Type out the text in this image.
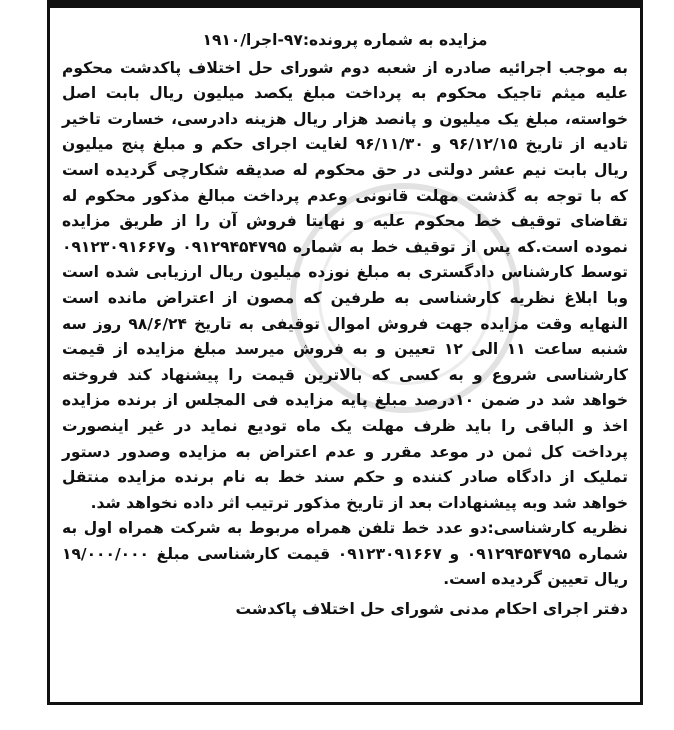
مزایده به شماره پرونده:۹۷-اجرا/۱۹۱۰

به موجب اجرائیه صادره از شعبه دوم شورای حل اختلاف پاکدشت محکوم علیه میثم تاجیک محکوم به پرداخت مبلغ یکصد میلیون ریال بابت اصل خواسته، مبلغ یک میلیون و پانصد هزار ریال هزینه دادرسی، خسارت تاخیر تادیه از تاریخ ۹۶/۱۲/۱۵ و ۹۶/۱۱/۳۰ لغایت اجرای حکم و مبلغ پنج میلیون ریال بابت نیم عشر دولتی در حق محکوم له صدیقه شکارچی گردیده است که با توجه به گذشت مهلت قانونی وعدم پرداخت مبالغ مذکور محکوم له تقاضای توقیف خط محکوم علیه و نهایتا فروش آن را از طریق مزایده نموده است.که پس از توقیف خط به شماره ۰۹۱۲۹۴۵۴۷۹۵ و۰۹۱۲۳۰۹۱۶۶۷ توسط کارشناس دادگستری به مبلغ نوزده میلیون ریال ارزیابی شده است وبا ابلاغ نظریه کارشناسی به طرفین که مصون از اعتراض مانده است النهایه وقت مزایده جهت فروش اموال توقیفی به تاریخ ۹۸/۶/۲۴ روز سه شنبه ساعت ۱۱ الی ۱۲ تعیین و به فروش میرسد مبلغ مزایده از قیمت کارشناسی شروع و به کسی که بالاترین قیمت را پیشنهاد کند فروخته خواهد شد در ضمن ۱۰درصد مبلغ پایه مزایده فی المجلس از برنده مزایده اخذ و الباقی را باید ظرف مهلت یک ماه تودیع نماید در غیر اینصورت پرداخت کل ثمن در موعد مقرر و عدم اعتراض به مزایده وصدور دستور تملیک از دادگاه صادر کننده و حکم سند خط به نام برنده مزایده منتقل خواهد شد وبه پیشنهادات بعد از تاریخ مذکور ترتیب اثر داده نخواهد شد.

نظریه کارشناسی:دو عدد خط تلفن همراه مربوط به شرکت همراه اول به شماره ۰۹۱۲۹۴۵۴۷۹۵ و ۰۹۱۲۳۰۹۱۶۶۷ قیمت کارشناسی مبلغ ۱۹/۰۰۰/۰۰۰ ریال تعیین گردیده است.

دفتر اجرای احکام مدنی شورای حل اختلاف پاکدشت
